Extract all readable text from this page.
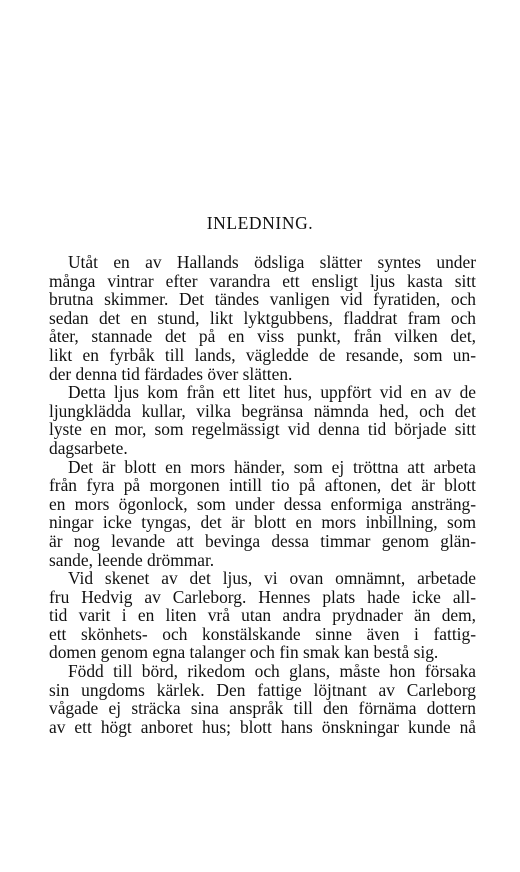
INLEDNING.
Utåt en av Hallands ödsliga slätter syntes under
många vintrar efter varandra ett ensligt ljus kasta sitt
brutna skimmer. Det tändes vanligen vid fyratiden, och
sedan det en stund, likt lyktgubbens, fladdrat fram och
åter, stannade det på en viss punkt, från vilken det,
likt en fyrbåk till lands, vägledde de resande, som un-
der denna tid färdades över slätten.
Detta ljus kom från ett litet hus, uppfört vid en av de
ljungklädda kullar, vilka begränsa nämnda hed, och det
lyste en mor, som regelmässigt vid denna tid började sitt
dagsarbete.
Det är blott en mors händer, som ej tröttna att arbeta
från fyra på morgonen intill tio på aftonen, det är blott
en mors ögonlock, som under dessa enformiga ansträng-
ningar icke tyngas, det är blott en mors inbillning, som
är nog levande att bevinga dessa timmar genom glän-
sande, leende drömmar.
Vid skenet av det ljus, vi ovan omnämnt, arbetade
fru Hedvig av Carleborg. Hennes plats hade icke all-
tid varit i en liten vrå utan andra prydnader än dem,
ett skönhets- och konstälskande sinne även i fattig-
domen genom egna talanger och fin smak kan bestå sig.
Född till börd, rikedom och glans, måste hon försaka
sin ungdoms kärlek. Den fattige löjtnant av Carleborg
vågade ej sträcka sina anspråk till den förnäma dottern
av ett högt anboret hus; blott hans önskningar kunde nå
